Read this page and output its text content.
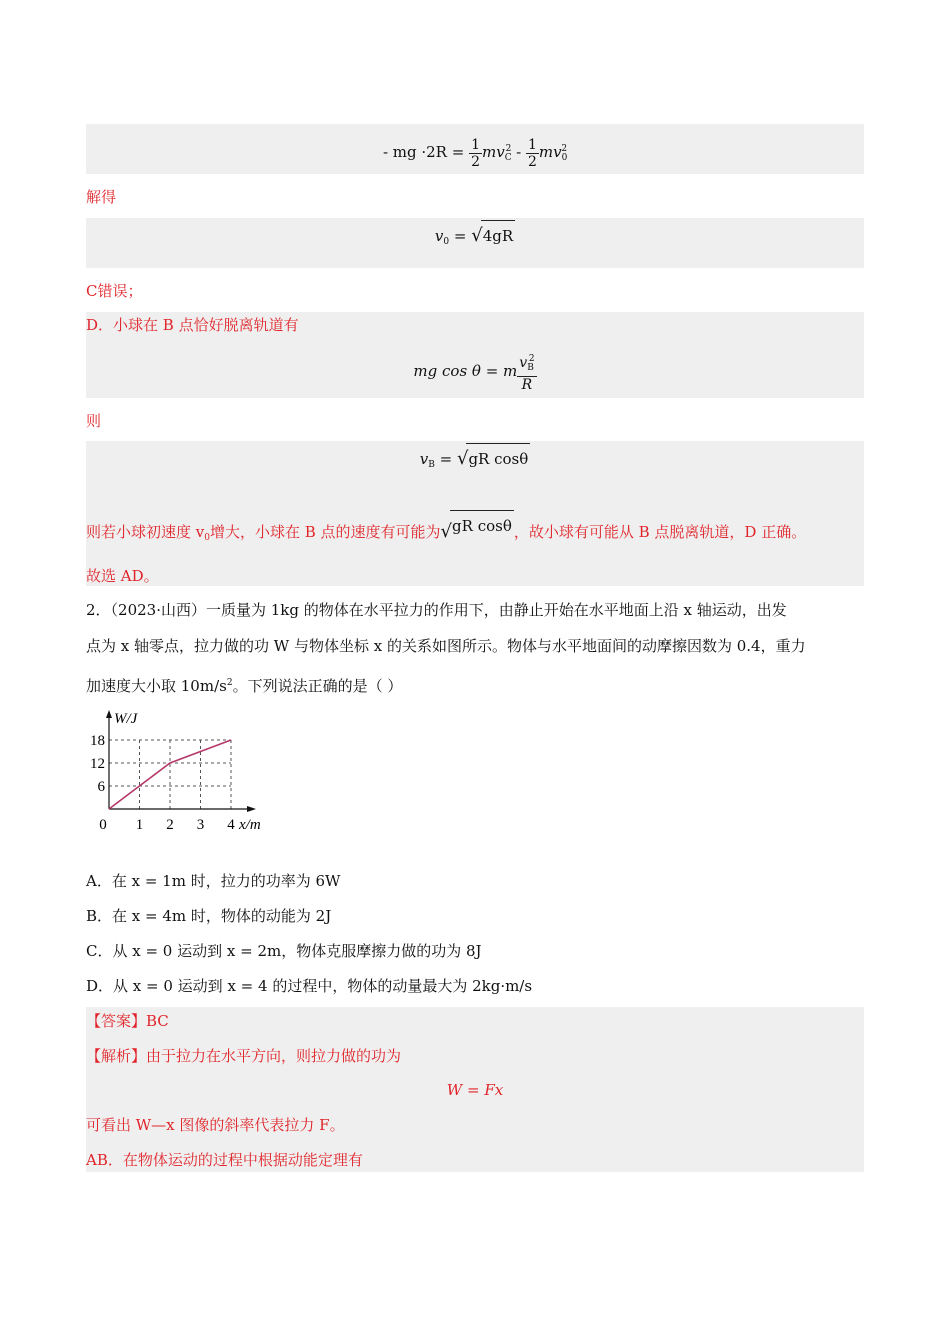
- mg $\cdot 2R = \frac{1}{2} mv_C^2 - \frac{1}{2} mv_0^2$
解得
$v_0 = √4gR$
C错误；
D．小球在 B 点恰好脱离轨道有
mg cos θ = m $\frac{v_B^2}{R}$
则
$v_B = √gR$ cosθ
则若小球初速度 $v_0$增大，小球在 B 点的速度有可能为√gR cosθ ，故小球有可能从 B 点脱离轨道，D 正确。
故选 AD。
2．（2023·山西）一质量为 1kg 的物体在水平拉力的作用下，由静止开始在水平地面上沿 x 轴运动，出发
点为 x 轴零点，拉力做的功 W 与物体坐标 x 的关系如图所示。物体与水平地面间的动摩擦因数为 0.4，重力
加速度大小取 $10m/s^2$。下列说法正确的是（ ）
6
12
18
0 1 2 3 4
W/J
x/m
A．在 x = 1m 时，拉力的功率为 6W
B．在 x = 4m 时，物体的动能为 2J
C．从 x = 0 运动到 x = 2m，物体克服摩擦力做的功为 8J
D．从 x = 0 运动到 x = 4 的过程中，物体的动量最大为 2kg·m/s
【答案】BC
【解析】由于拉力在水平方向，则拉力做的功为
W = Fx
可看出 W—x 图像的斜率代表拉力 F。
AB．在物体运动的过程中根据动能定理有
